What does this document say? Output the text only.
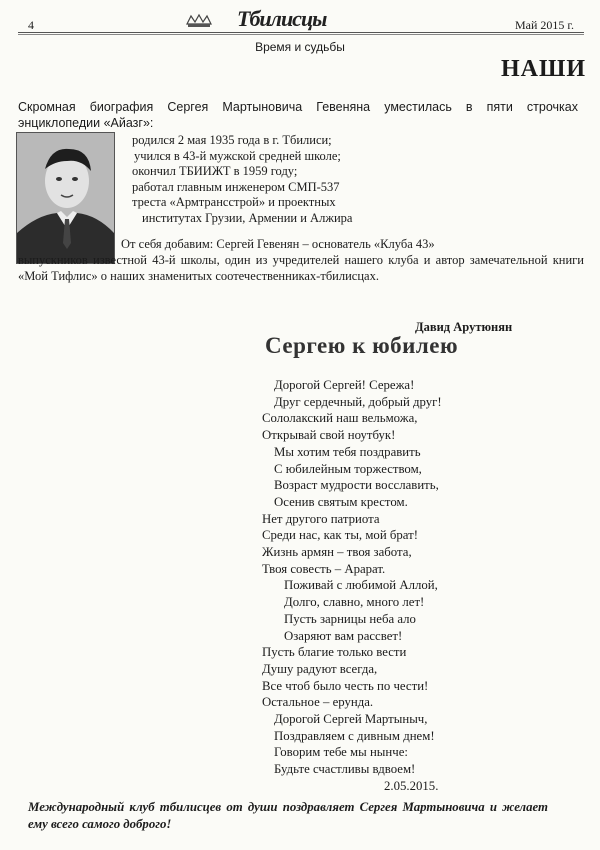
4	Тбилисцы	Май 2015 г.
Время и судьбы
НАШИ
Скромная биография Сергея Мартыновича Гевеняна уместилась в пяти строчках энциклопедии «Айазг»:
родился 2 мая 1935 года в г. Тбилиси;
учился в 43-й мужской средней школе;
окончил ТБИИЖТ в 1959 году;
работал главным инженером СМП-537
треста «Армтрансстрой» и проектных
институтах Грузии, Армении и Алжира
От себя добавим: Сергей Гевенян – основатель «Клуба 43»
выпускников известной 43-й школы, один из учредителей нашего клуба и автор замечательной книги «Мой Тифлис» о наших знаменитых соотечественниках-тбилисцах.
Давид Арутюнян
Сергею к юбилею
Дорогой Сергей! Сережа!
Друг сердечный, добрый друг!
Сололакский наш вельможа,
Открывай свой ноутбук!
Мы хотим тебя поздравить
С юбилейным торжеством,
Возраст мудрости восславить,
Осенив святым крестом.
Нет другого патриота
Среди нас, как ты, мой брат!
Жизнь армян – твоя забота,
Твоя совесть – Арарат.
Поживай с любимой Аллой,
Долго, славно, много лет!
Пусть зарницы неба ало
Озаряют вам рассвет!
Пусть благие только вести
Душу радуют всегда,
Все чтоб было честь по чести!
Остальное – ерунда.
Дорогой Сергей Мартыныч,
Поздравляем с дивным днем!
Говорим тебе мы нынче:
Будьте счастливы вдвоем!
2.05.2015.
Международный клуб тбилисцев от души поздравляет Сергея Мартыновича и желает ему всего самого доброго!
